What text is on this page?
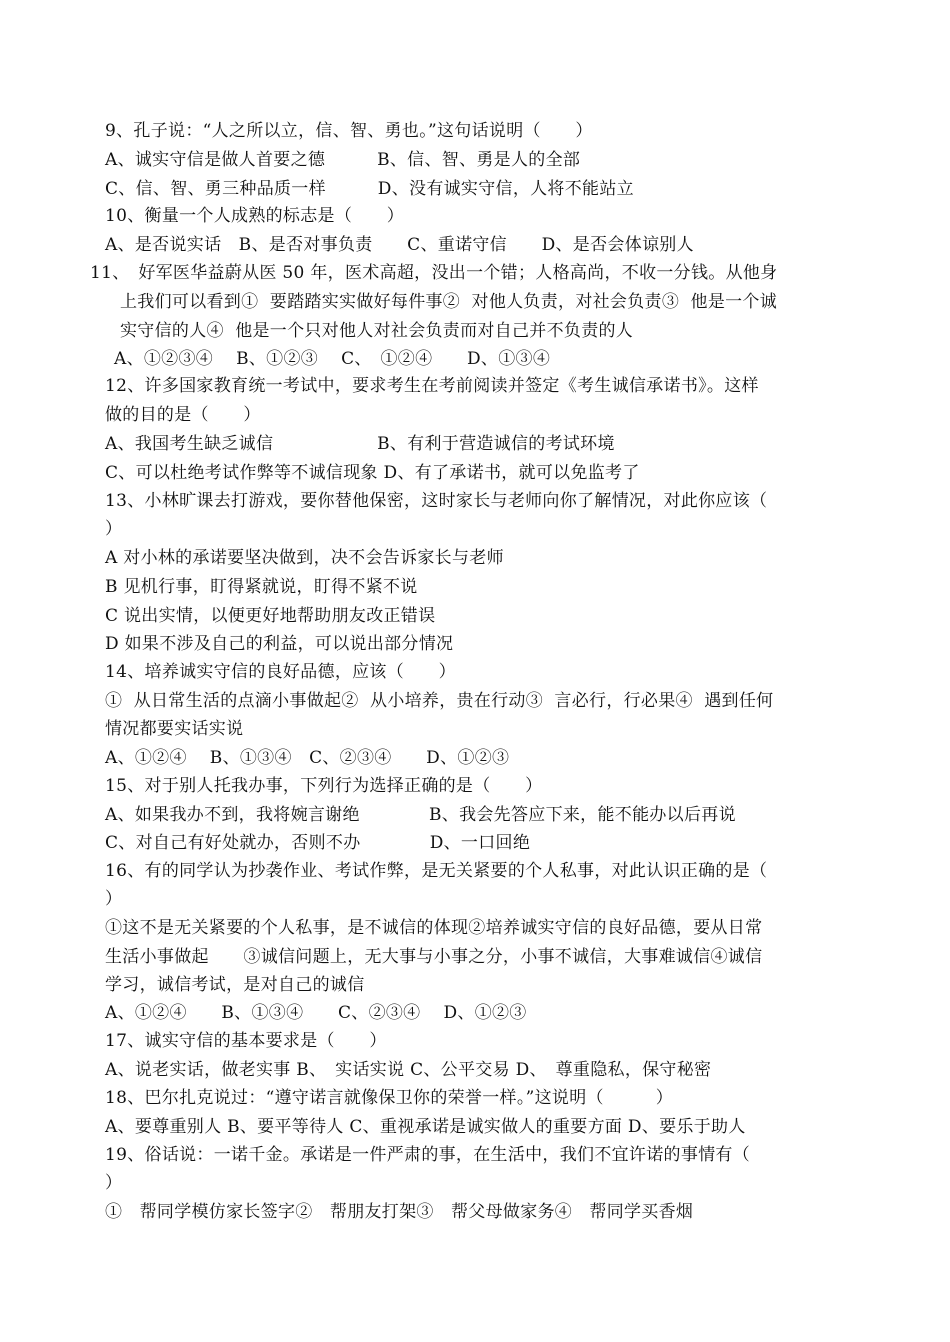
9、孔子说：“人之所以立，信、智、勇也。”这句话说明（　　）
A、诚实守信是做人首要之德　　　B、信、智、勇是人的全部
C、信、智、勇三种品质一样　　　D、没有诚实守信，人将不能站立
10、衡量一个人成熟的标志是（　　）
A、是否说实话　B、是否对事负责　　C、重诺守信　　D、是否会体谅别人
11、　好军医华益蔚从医 50 年，医术高超，没出一个错；人格高尚，不收一分钱。从他身
上我们可以看到①  要踏踏实实做好每件事②  对他人负责，对社会负责③  他是一个诚
实守信的人④  他是一个只对他人对社会负责而对自己并不负责的人
A、①②③④　 B、①②③　 C、　①②④　　D、①③④
12、许多国家教育统一考试中，要求考生在考前阅读并签定《考生诚信承诺书》。这样
做的目的是（　　）
A、我国考生缺乏诚信　　　　　　B、有利于营造诚信的考试环境
C、可以杜绝考试作弊等不诚信现象 D、有了承诺书，就可以免监考了
13、小林旷课去打游戏，要你替他保密，这时家长与老师向你了解情况，对此你应该（
）
A 对小林的承诺要坚决做到，决不会告诉家长与老师
B 见机行事，盯得紧就说，盯得不紧不说
C 说出实情，以便更好地帮助朋友改正错误
D 如果不涉及自己的利益，可以说出部分情况
14、培养诚实守信的良好品德，应该（　　）
①  从日常生活的点滴小事做起②  从小培养，贵在行动③  言必行，行必果④  遇到任何
情况都要实话实说
A、①②④　 B、①③④　C、②③④　　D、①②③
15、对于别人托我办事，下列行为选择正确的是（　　）
A、如果我办不到，我将婉言谢绝　　　　B、我会先答应下来，能不能办以后再说
C、对自己有好处就办，否则不办　　　　D、一口回绝
16、有的同学认为抄袭作业、考试作弊，是无关紧要的个人私事，对此认识正确的是（
）
①这不是无关紧要的个人私事，是不诚信的体现②培养诚实守信的良好品德，要从日常
生活小事做起　　③诚信问题上，无大事与小事之分，小事不诚信，大事难诚信④诚信
学习，诚信考试，是对自己的诚信
A、①②④　　B、①③④　　C、②③④　 D、①②③
17、诚实守信的基本要求是（　　）
A、说老实话，做老实事 B、　实话实说 C、公平交易 D、　尊重隐私，保守秘密
18、巴尔扎克说过：“遵守诺言就像保卫你的荣誉一样。”这说明（　　　）
A、要尊重别人 B、要平等待人 C、重视承诺是诚实做人的重要方面 D、要乐于助人
19、俗话说：一诺千金。承诺是一件严肃的事，在生活中，我们不宜许诺的事情有（
）
①　帮同学模仿家长签字②　帮朋友打架③　帮父母做家务④　帮同学买香烟
